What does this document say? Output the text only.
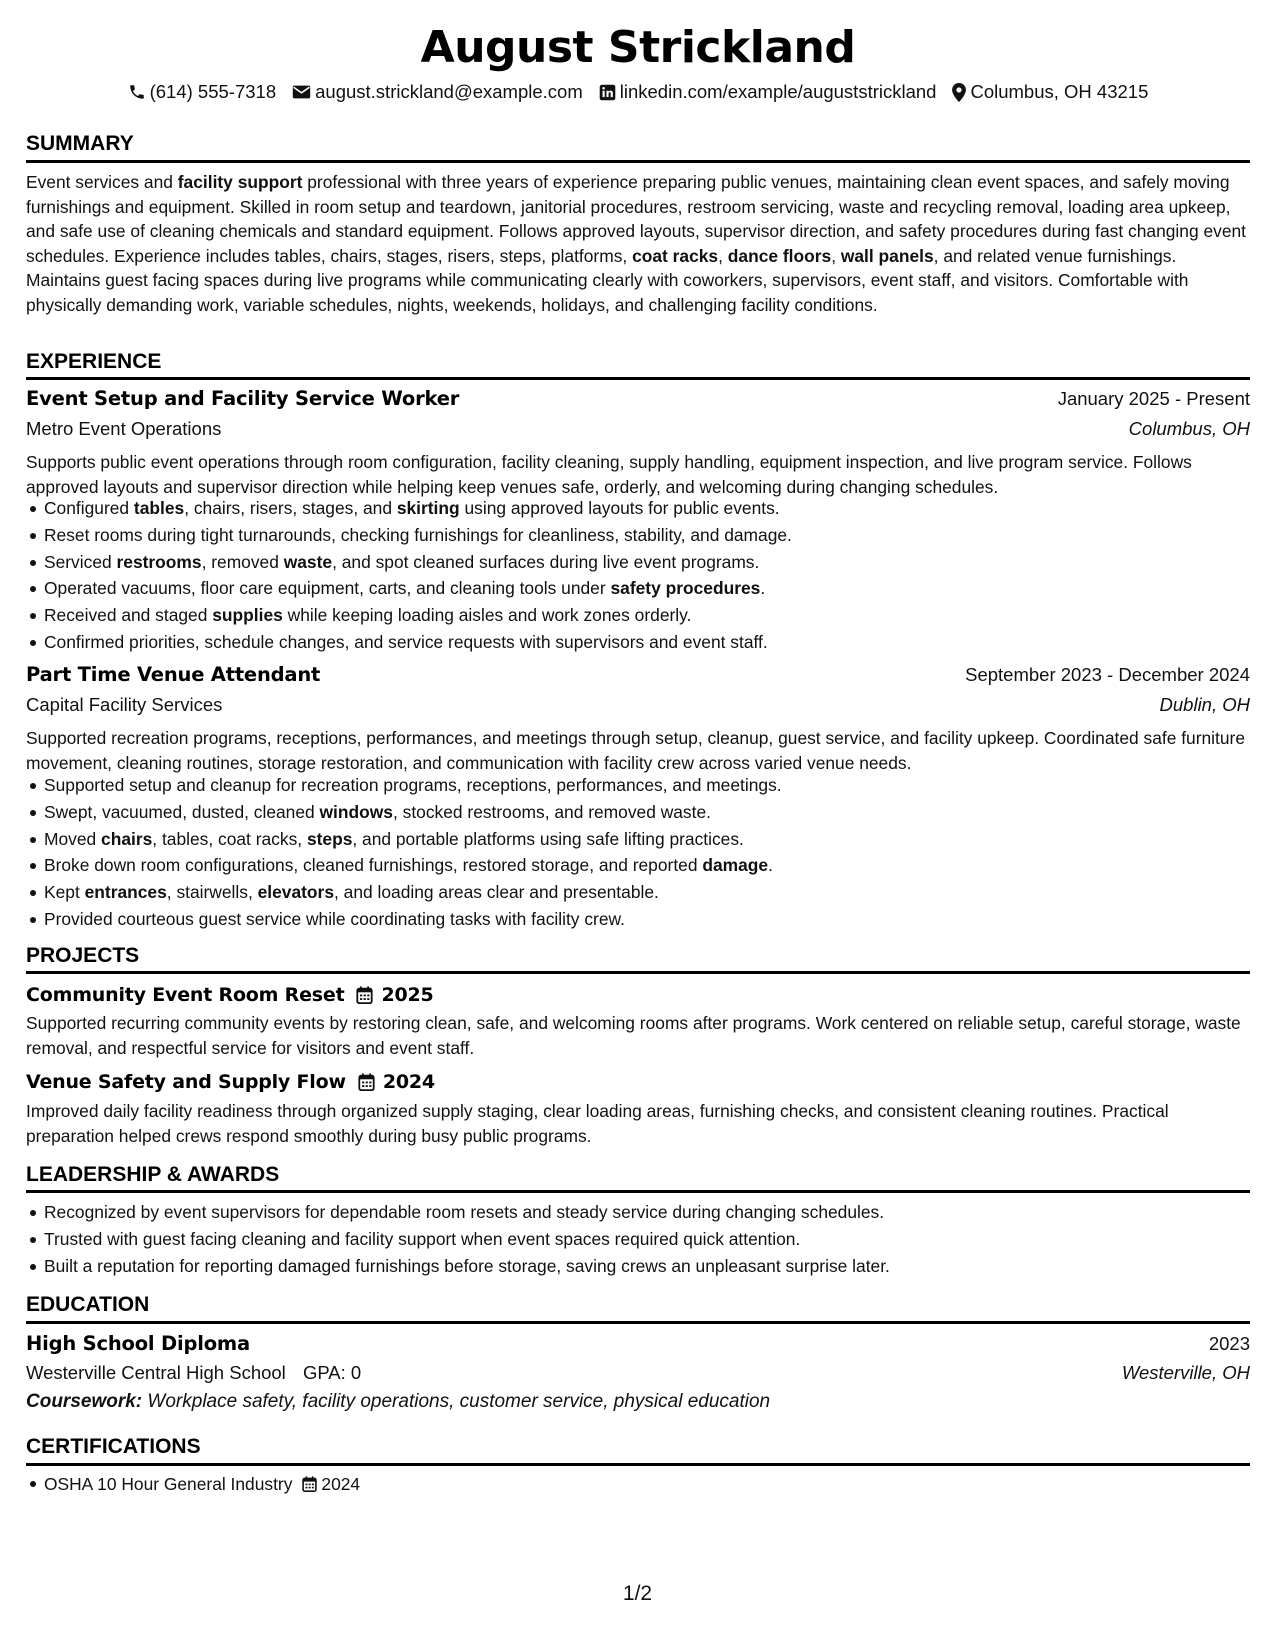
August Strickland
(614) 555-7318 august.strickland@example.com linkedin.com/example/auguststrickland Columbus, OH 43215
SUMMARY
Event services and facility support professional with three years of experience preparing public venues, maintaining clean event spaces, and safely moving furnishings and equipment. Skilled in room setup and teardown, janitorial procedures, restroom servicing, waste and recycling removal, loading area upkeep, and safe use of cleaning chemicals and standard equipment. Follows approved layouts, supervisor direction, and safety procedures during fast changing event schedules. Experience includes tables, chairs, stages, risers, steps, platforms, coat racks, dance floors, wall panels, and related venue furnishings. Maintains guest facing spaces during live programs while communicating clearly with coworkers, supervisors, event staff, and visitors. Comfortable with physically demanding work, variable schedules, nights, weekends, holidays, and challenging facility conditions.
EXPERIENCE
Event Setup and Facility Service Worker	January 2025 - Present
Metro Event Operations	Columbus, OH
Supports public event operations through room configuration, facility cleaning, supply handling, equipment inspection, and live program service. Follows approved layouts and supervisor direction while helping keep venues safe, orderly, and welcoming during changing schedules.
Configured tables, chairs, risers, stages, and skirting using approved layouts for public events.
Reset rooms during tight turnarounds, checking furnishings for cleanliness, stability, and damage.
Serviced restrooms, removed waste, and spot cleaned surfaces during live event programs.
Operated vacuums, floor care equipment, carts, and cleaning tools under safety procedures.
Received and staged supplies while keeping loading aisles and work zones orderly.
Confirmed priorities, schedule changes, and service requests with supervisors and event staff.
Part Time Venue Attendant	September 2023 - December 2024
Capital Facility Services	Dublin, OH
Supported recreation programs, receptions, performances, and meetings through setup, cleanup, guest service, and facility upkeep. Coordinated safe furniture movement, cleaning routines, storage restoration, and communication with facility crew across varied venue needs.
Supported setup and cleanup for recreation programs, receptions, performances, and meetings.
Swept, vacuumed, dusted, cleaned windows, stocked restrooms, and removed waste.
Moved chairs, tables, coat racks, steps, and portable platforms using safe lifting practices.
Broke down room configurations, cleaned furnishings, restored storage, and reported damage.
Kept entrances, stairwells, elevators, and loading areas clear and presentable.
Provided courteous guest service while coordinating tasks with facility crew.
PROJECTS
Community Event Room Reset 2025
Supported recurring community events by restoring clean, safe, and welcoming rooms after programs. Work centered on reliable setup, careful storage, waste removal, and respectful service for visitors and event staff.
Venue Safety and Supply Flow 2024
Improved daily facility readiness through organized supply staging, clear loading areas, furnishing checks, and consistent cleaning routines. Practical preparation helped crews respond smoothly during busy public programs.
LEADERSHIP & AWARDS
Recognized by event supervisors for dependable room resets and steady service during changing schedules.
Trusted with guest facing cleaning and facility support when event spaces required quick attention.
Built a reputation for reporting damaged furnishings before storage, saving crews an unpleasant surprise later.
EDUCATION
High School Diploma	2023
Westerville Central High School GPA: 0	Westerville, OH
Coursework: Workplace safety, facility operations, customer service, physical education
CERTIFICATIONS
OSHA 10 Hour General Industry 2024
1/2
